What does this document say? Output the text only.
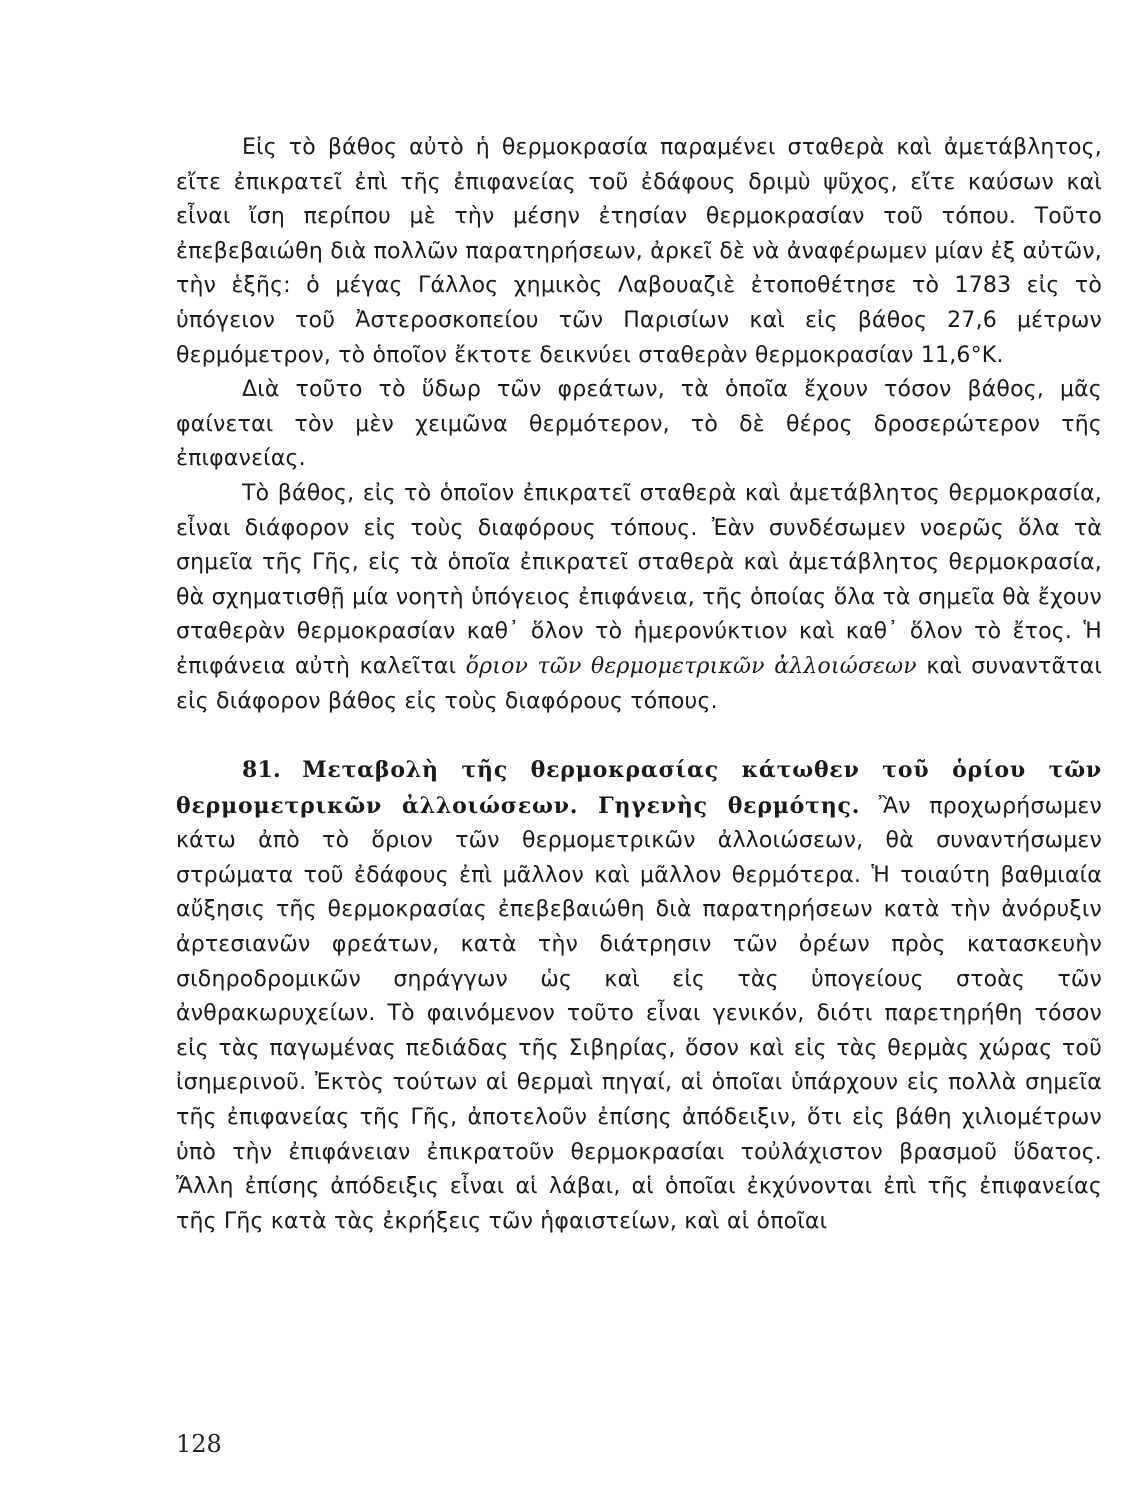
Εἰς τὸ βάθος αὐτὸ ἡ θερμοκρασία παραμένει σταθερὰ καὶ ἀμετάβλητος, εἴτε ἐπικρατεῖ ἐπὶ τῆς ἐπιφανείας τοῦ ἐδάφους δριμὺ ψῦχος, εἴτε καύσων καὶ εἶναι ἴση περίπου μὲ τὴν μέσην ἐτησίαν θερμοκρασίαν τοῦ τόπου. Τοῦτο ἐπεβεβαιώθη διὰ πολλῶν παρατηρήσεων, ἀρκεῖ δὲ νὰ ἀναφέρωμεν μίαν ἐξ αὐτῶν, τὴν ἑξῆς: ὁ μέγας Γάλλος χημικὸς Λαβουαζιὲ ἐτοποθέτησε τὸ 1783 εἰς τὸ ὑπόγειον τοῦ Ἀστεροσκοπείου τῶν Παρισίων καὶ εἰς βάθος 27,6 μέτρων θερμόμετρον, τὸ ὁποῖον ἔκτοτε δεικνύει σταθερὰν θερμοκρασίαν 11,6°K.

Διὰ τοῦτο τὸ ὕδωρ τῶν φρεάτων, τὰ ὁποῖα ἔχουν τόσον βάθος, μᾶς φαίνεται τὸν μὲν χειμῶνα θερμότερον, τὸ δὲ θέρος δροσερώτερον τῆς ἐπιφανείας.

Τὸ βάθος, εἰς τὸ ὁποῖον ἐπικρατεῖ σταθερὰ καὶ ἀμετάβλητος θερμοκρασία, εἶναι διάφορον εἰς τοὺς διαφόρους τόπους. Ἐὰν συνδέσωμεν νοερῶς ὅλα τὰ σημεῖα τῆς Γῆς, εἰς τὰ ὁποῖα ἐπικρατεῖ σταθερὰ καὶ ἀμετάβλητος θερμοκρασία, θὰ σχηματισθῇ μία νοητὴ ὑπόγειος ἐπιφάνεια, τῆς ὁποίας ὅλα τὰ σημεῖα θὰ ἔχουν σταθερὰν θερμοκρασίαν καθ᾿ ὅλον τὸ ἡμερονύκτιον καὶ καθ᾿ ὅλον τὸ ἔτος. Ἡ ἐπιφάνεια αὐτὴ καλεῖται ὅριον τῶν θερμομετρικῶν ἀλλοιώσεων καὶ συναντᾶται εἰς διάφορον βάθος εἰς τοὺς διαφόρους τόπους.

81. Μεταβολὴ τῆς θερμοκρασίας κάτωθεν τοῦ ὁρίου τῶν θερμομετρικῶν ἀλλοιώσεων. Γηγενὴς θερμότης. Ἂν προχωρήσωμεν κάτω ἀπὸ τὸ ὅριον τῶν θερμομετρικῶν ἀλλοιώσεων, θὰ συναντήσωμεν στρώματα τοῦ ἐδάφους ἐπὶ μᾶλλον καὶ μᾶλλον θερμότερα. Ἡ τοιαύτη βαθμιαία αὔξησις τῆς θερμοκρασίας ἐπεβεβαιώθη διὰ παρατηρήσεων κατὰ τὴν ἀνόρυξιν ἀρτεσιανῶν φρεάτων, κατὰ τὴν διάτρησιν τῶν ὀρέων πρὸς κατασκευὴν σιδηροδρομικῶν σηράγγων ὡς καὶ εἰς τὰς ὑπογείους στοὰς τῶν ἀνθρακωρυχείων. Τὸ φαινόμενον τοῦτο εἶναι γενικόν, διότι παρετηρήθη τόσον εἰς τὰς παγωμένας πεδιάδας τῆς Σιβηρίας, ὅσον καὶ εἰς τὰς θερμὰς χώρας τοῦ ἰσημερινοῦ. Ἐκτὸς τούτων αἱ θερμαὶ πηγαί, αἱ ὁποῖαι ὑπάρχουν εἰς πολλὰ σημεῖα τῆς ἐπιφανείας τῆς Γῆς, ἀποτελοῦν ἐπίσης ἀπόδειξιν, ὅτι εἰς βάθη χιλιομέτρων ὑπὸ τὴν ἐπιφάνειαν ἐπικρατοῦν θερμοκρασίαι τοὐλάχιστον βρασμοῦ ὕδατος. Ἄλλη ἐπίσης ἀπόδειξις εἶναι αἱ λάβαι, αἱ ὁποῖαι ἐκχύνονται ἐπὶ τῆς ἐπιφανείας τῆς Γῆς κατὰ τὰς ἐκρήξεις τῶν ἡφαιστείων, καὶ αἱ ὁποῖαι

128
